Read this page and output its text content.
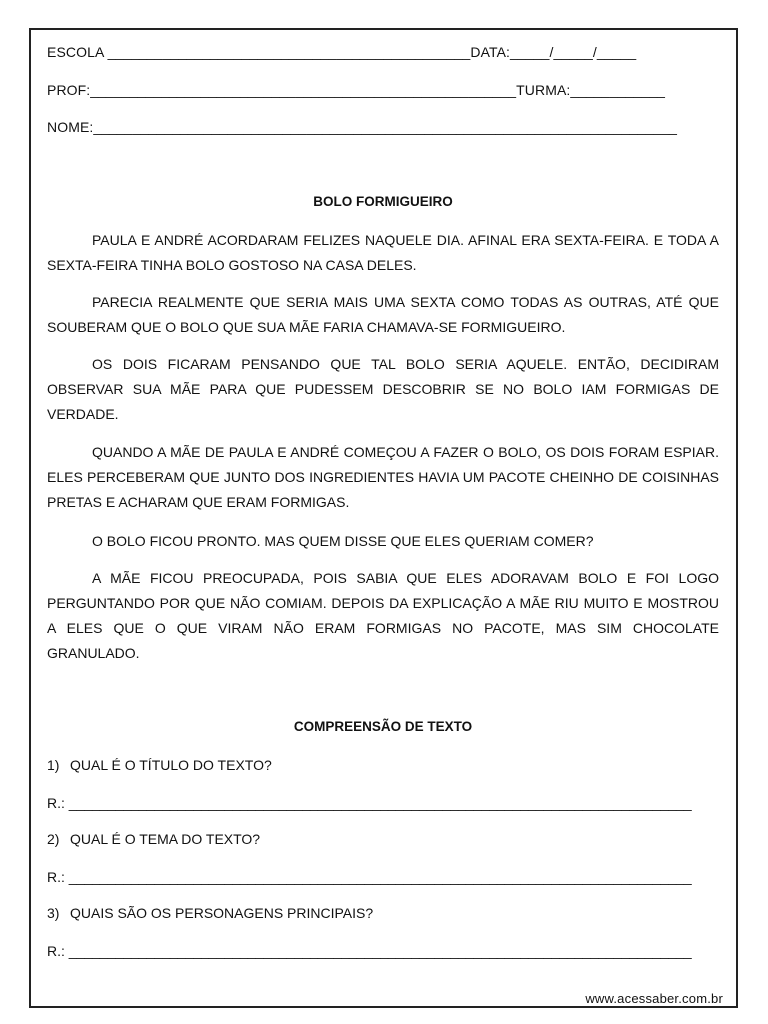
ESCOLA ______________________________________________DATA:_____/_____/_____
PROF:______________________________________________________TURMA:____________
NOME:__________________________________________________________________________
BOLO FORMIGUEIRO

PAULA E ANDRÉ ACORDARAM FELIZES NAQUELE DIA. AFINAL ERA SEXTA-FEIRA. E TODA A SEXTA-FEIRA TINHA BOLO GOSTOSO NA CASA DELES.

PARECIA REALMENTE QUE SERIA MAIS UMA SEXTA COMO TODAS AS OUTRAS, ATÉ QUE SOUBERAM QUE O BOLO QUE SUA MÃE FARIA CHAMAVA-SE FORMIGUEIRO.

OS DOIS FICARAM PENSANDO QUE TAL BOLO SERIA AQUELE. ENTÃO, DECIDIRAM OBSERVAR SUA MÃE PARA QUE PUDESSEM DESCOBRIR SE NO BOLO IAM FORMIGAS DE VERDADE.

QUANDO A MÃE DE PAULA E ANDRÉ COMEÇOU A FAZER O BOLO, OS DOIS FORAM ESPIAR. ELES PERCEBERAM QUE JUNTO DOS INGREDIENTES HAVIA UM PACOTE CHEINHO DE COISINHAS PRETAS E ACHARAM QUE ERAM FORMIGAS.

O BOLO FICOU PRONTO. MAS QUEM DISSE QUE ELES QUERIAM COMER?

A MÃE FICOU PREOCUPADA, POIS SABIA QUE ELES ADORAVAM BOLO E FOI LOGO PERGUNTANDO POR QUE NÃO COMIAM. DEPOIS DA EXPLICAÇÃO A MÃE RIU MUITO E MOSTROU A ELES QUE O QUE VIRAM NÃO ERAM FORMIGAS NO PACOTE, MAS SIM CHOCOLATE GRANULADO.

COMPREENSÃO DE TEXTO
1) QUAL É O TÍTULO DO TEXTO?
R.: ________________________________________________________________________________
2) QUAL É O TEMA DO TEXTO?
R.: ________________________________________________________________________________
3) QUAIS SÃO OS PERSONAGENS PRINCIPAIS?
R.: ________________________________________________________________________________
www.acessaber.com.br
